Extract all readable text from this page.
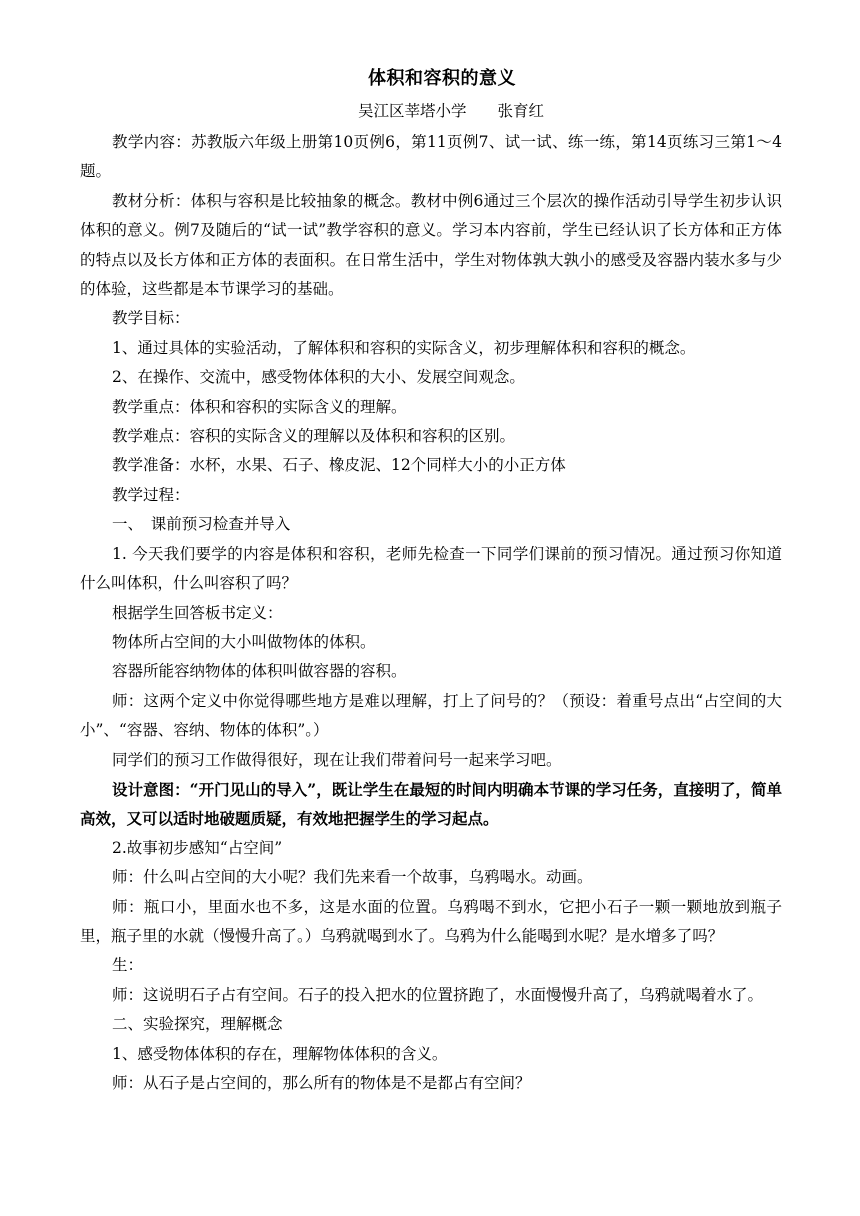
体积和容积的意义
吴江区莘塔小学　　张育红

教学内容：苏教版六年级上册第10页例6，第11页例7、试一试、练一练，第14页练习三第1～4题。

教材分析：体积与容积是比较抽象的概念。教材中例6通过三个层次的操作活动引导学生初步认识体积的意义。例7及随后的“试一试”教学容积的意义。学习本内容前，学生已经认识了长方体和正方体的特点以及长方体和正方体的表面积。在日常生活中，学生对物体孰大孰小的感受及容器内装水多与少的体验，这些都是本节课学习的基础。

教学目标：

1、通过具体的实验活动，了解体积和容积的实际含义，初步理解体积和容积的概念。

2、在操作、交流中，感受物体体积的大小、发展空间观念。

教学重点：体积和容积的实际含义的理解。

教学难点：容积的实际含义的理解以及体积和容积的区别。

教学准备：水杯，水果、石子、橡皮泥、12个同样大小的小正方体

教学过程：

一、　课前预习检查并导入

1. 今天我们要学的内容是体积和容积，老师先检查一下同学们课前的预习情况。通过预习你知道什么叫体积，什么叫容积了吗？

根据学生回答板书定义：

物体所占空间的大小叫做物体的体积。

容器所能容纳物体的体积叫做容器的容积。

师：这两个定义中你觉得哪些地方是难以理解，打上了问号的？（预设：着重号点出“占空间的大小”、“容器、容纳、物体的体积”。）

同学们的预习工作做得很好，现在让我们带着问号一起来学习吧。

设计意图：“开门见山的导入”，既让学生在最短的时间内明确本节课的学习任务，直接明了，简单高效，又可以适时地破题质疑，有效地把握学生的学习起点。

2.故事初步感知“占空间”

师：什么叫占空间的大小呢？我们先来看一个故事，乌鸦喝水。动画。

师：瓶口小，里面水也不多，这是水面的位置。乌鸦喝不到水，它把小石子一颗一颗地放到瓶子里，瓶子里的水就（慢慢升高了。）乌鸦就喝到水了。乌鸦为什么能喝到水呢？是水增多了吗？

生：

师：这说明石子占有空间。石子的投入把水的位置挤跑了，水面慢慢升高了，乌鸦就喝着水了。

二、实验探究，理解概念

1、感受物体体积的存在，理解物体体积的含义。

师：从石子是占空间的，那么所有的物体是不是都占有空间？
